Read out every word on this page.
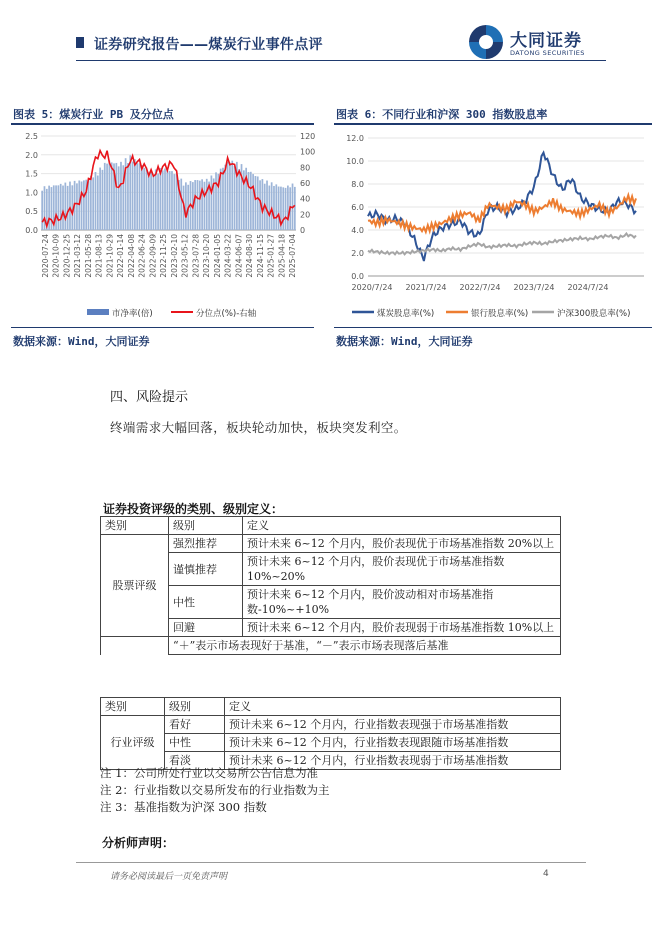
证券研究报告——煤炭行业事件点评	大同证券
DATONG SECURITIES
图表 5：煤炭行业 PB 及分位点	图表 6：不同行业和沪深 300 指数股息率
0.0
0.5
1.0
1.5
2.0
2.5
0
20
40
60
80
100
120
2020-07-24 2020-10-09 2020-12-25 2021-03-12 2021-05-28 2021-08-13 2021-10-29 2022-01-14 2022-04-08 2022-06-24 2022-09-09 2022-11-25 2023-02-10 2023-05-12 2023-07-28 2023-10-20 2024-01-05 2024-03-22 2024-06-07 2024-08-30 2024-11-15 2025-01-27 2025-04-18 2025-07-04
市净率(倍)	分位点(%)-右轴
0.0
2.0
4.0
6.0
8.0
10.0
12.0
2020/7/24 2021/7/24 2022/7/24 2023/7/24 2024/7/24
煤炭股息率(%)	银行股息率(%)	沪深300股息率(%)
数据来源：Wind，大同证券	数据来源：Wind，大同证券
四、风险提示
终端需求大幅回落，板块轮动加快，板块突发利空。
证券投资评级的类别、级别定义：
类别	级别	定义
股票评级	强烈推荐	预计未来 6~12 个月内，股价表现优于市场基准指数 20%以上
	谨慎推荐	预计未来 6~12 个月内，股价表现优于市场基准指数 10%~20%
	中性	预计未来 6~12 个月内，股价波动相对市场基准指数-10%~+10%
	回避	预计未来 6~12 个月内，股价表现弱于市场基准指数 10%以上
	“＋”表示市场表现好于基准，“－”表示市场表现落后基准	
类别	级别	定义
行业评级	看好	预计未来 6~12 个月内，行业指数表现强于市场基准指数
	中性	预计未来 6~12 个月内，行业指数表现跟随市场基准指数
	看淡	预计未来 6~12 个月内，行业指数表现弱于市场基准指数
注 1：公司所处行业以交易所公告信息为准
注 2：行业指数以交易所发布的行业指数为主
注 3：基准指数为沪深 300 指数
分析师声明：
请务必阅读最后一页免责声明	4
